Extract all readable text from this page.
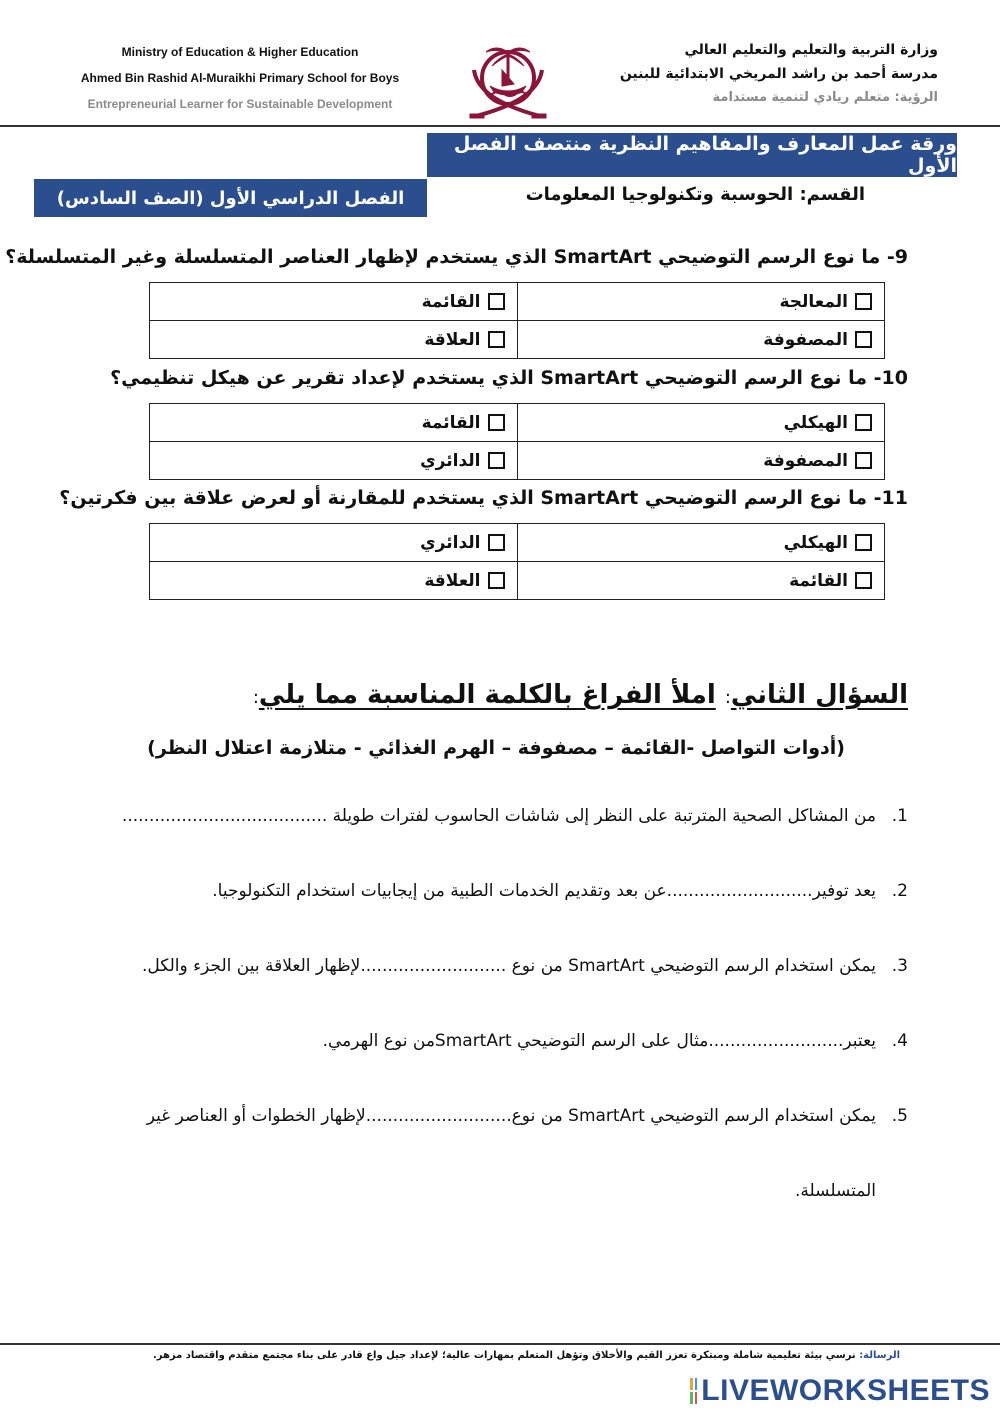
Ministry of Education & Higher Education
Ahmed Bin Rashid Al-Muraikhi Primary School for Boys
Entrepreneurial Learner for Sustainable Development
وزارة التربية والتعليم والتعليم العالي
مدرسة أحمد بن راشد المريخي الابتدائية للبنين
الرؤية: متعلم ريادي لتنمية مستدامة
ورقة عمل المعارف والمفاهيم النظرية منتصف الفصل الأول
الفصل الدراسي الأول (الصف السادس)	القسم: الحوسبة وتكنولوجيا المعلومات
9- ما نوع الرسم التوضيحي SmartArt الذي يستخدم لإظهار العناصر المتسلسلة وغير المتسلسلة؟
المعالجة	القائمة
المصفوفة	العلاقة
10- ما نوع الرسم التوضيحي SmartArt الذي يستخدم لإعداد تقرير عن هيكل تنظيمي؟
الهيكلي	القائمة
المصفوفة	الدائري
11- ما نوع الرسم التوضيحي SmartArt الذي يستخدم للمقارنة أو لعرض علاقة بين فكرتين؟
الهيكلي	الدائري
القائمة	العلاقة
السؤال الثاني: املأ الفراغ بالكلمة المناسبة مما يلي:
(أدوات التواصل -القائمة – مصفوفة – الهرم الغذائي - متلازمة اعتلال النظر)
1.من المشاكل الصحية المترتبة على النظر إلى شاشات الحاسوب لفترات طويلة ......................................
2.يعد توفير...........................عن بعد وتقديم الخدمات الطبية من إيجابيات استخدام التكنولوجيا.
3.يمكن استخدام الرسم التوضيحي SmartArt من نوع ...........................لإظهار العلاقة بين الجزء والكل.
4.يعتبر.........................مثال على الرسم التوضيحي SmartArtمن نوع الهرمي.
5.يمكن استخدام الرسم التوضيحي SmartArt من نوع...........................لإظهار الخطوات أو العناصر غير
المتسلسلة.
الرسالة: نرسي بيئة تعليمية شاملة ومبتكرة تعزز القيم والأخلاق وتؤهل المتعلم بمهارات عالية؛ لإعداد جيل واع قادر على بناء مجتمع متقدم واقتصاد مزهر.
LIVEWORKSHEETS
